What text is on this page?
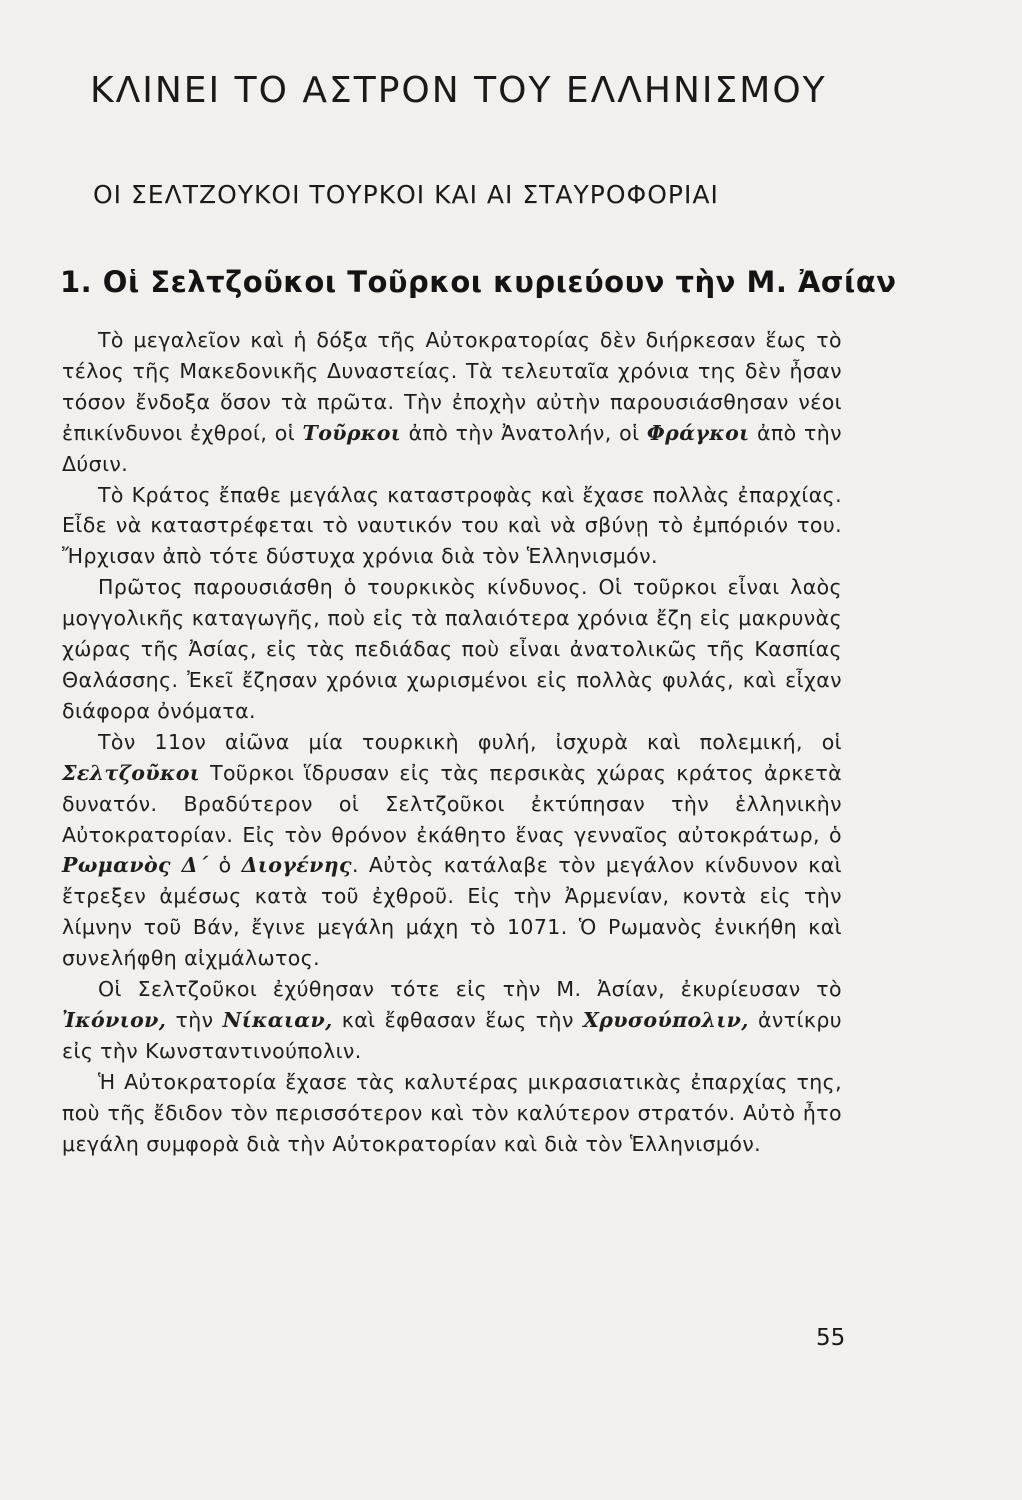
ΚΛΙΝΕΙ ΤΟ ΑΣΤΡΟΝ ΤΟΥ ΕΛΛΗΝΙΣΜΟΥ
ΟΙ ΣΕΛΤΖΟΥΚΟΙ ΤΟΥΡΚΟΙ ΚΑΙ ΑΙ ΣΤΑΥΡΟΦΟΡΙΑΙ
1. Οἱ Σελτζοῦκοι Τοῦρκοι κυριεύουν τὴν Μ. Ἀσίαν

Τὸ μεγαλεῖον καὶ ἡ δόξα τῆς Αὐτοκρατορίας δὲν διήρκεσαν ἕως τὸ τέλος τῆς Μακεδονικῆς Δυναστείας. Τὰ τελευταῖα χρόνια της δὲν ἦσαν τόσον ἔνδοξα ὅσον τὰ πρῶτα. Τὴν ἐποχὴν αὐτὴν παρουσιάσθησαν νέοι ἐπικίνδυνοι ἐχθροί, οἱ Τοῦρκοι ἀπὸ τὴν Ἀνατολήν, οἱ Φράγκοι ἀπὸ τὴν Δύσιν.

Τὸ Κράτος ἔπαθε μεγάλας καταστροφὰς καὶ ἔχασε πολλὰς ἐπαρχίας. Εἶδε νὰ καταστρέφεται τὸ ναυτικόν του καὶ νὰ σβύνῃ τὸ ἐμπόριόν του. Ἤρχισαν ἀπὸ τότε δύστυχα χρόνια διὰ τὸν Ἑλληνισμόν.

Πρῶτος παρουσιάσθη ὁ τουρκικὸς κίνδυνος. Οἱ τοῦρκοι εἶναι λαὸς μογγολικῆς καταγωγῆς, ποὺ εἰς τὰ παλαιότερα χρόνια ἔζη εἰς μακρυνὰς χώρας τῆς Ἀσίας, εἰς τὰς πεδιάδας ποὺ εἶναι ἀνατολικῶς τῆς Κασπίας Θαλάσσης. Ἐκεῖ ἔζησαν χρόνια χωρισμένοι εἰς πολλὰς φυλάς, καὶ εἶχαν διάφορα ὀνόματα.

Τὸν 11ον αἰῶνα μία τουρκικὴ φυλή, ἰσχυρὰ καὶ πολεμική, οἱ Σελτζοῦκοι Τοῦρκοι ἵδρυσαν εἰς τὰς περσικὰς χώρας κράτος ἀρκετὰ δυνατόν. Βραδύτερον οἱ Σελτζοῦκοι ἐκτύπησαν τὴν ἑλληνικὴν Αὐτοκρατορίαν. Εἰς τὸν θρόνον ἐκάθητο ἕνας γενναῖος αὐτοκράτωρ, ὁ Ρωμανὸς Δ΄ ὁ Διογένης. Αὐτὸς κατάλαβε τὸν μεγάλον κίνδυνον καὶ ἔτρεξεν ἀμέσως κατὰ τοῦ ἐχθροῦ. Εἰς τὴν Ἀρμενίαν, κοντὰ εἰς τὴν λίμνην τοῦ Βάν, ἔγινε μεγάλη μάχη τὸ 1071. Ὁ Ρωμανὸς ἐνικήθη καὶ συνελήφθη αἰχμάλωτος.

Οἱ Σελτζοῦκοι ἐχύθησαν τότε εἰς τὴν Μ. Ἀσίαν, ἐκυρίευσαν τὸ Ἰκόνιον, τὴν Νίκαιαν, καὶ ἔφθασαν ἕως τὴν Χρυσούπολιν, ἀντίκρυ εἰς τὴν Κωνσταντινούπολιν.

Ἡ Αὐτοκρατορία ἔχασε τὰς καλυτέρας μικρασιατικὰς ἐπαρχίας της, ποὺ τῆς ἔδιδον τὸν περισσότερον καὶ τὸν καλύτερον στρατόν. Αὐτὸ ἦτο μεγάλη συμφορὰ διὰ τὴν Αὐτοκρατορίαν καὶ διὰ τὸν Ἑλληνισμόν.

55
